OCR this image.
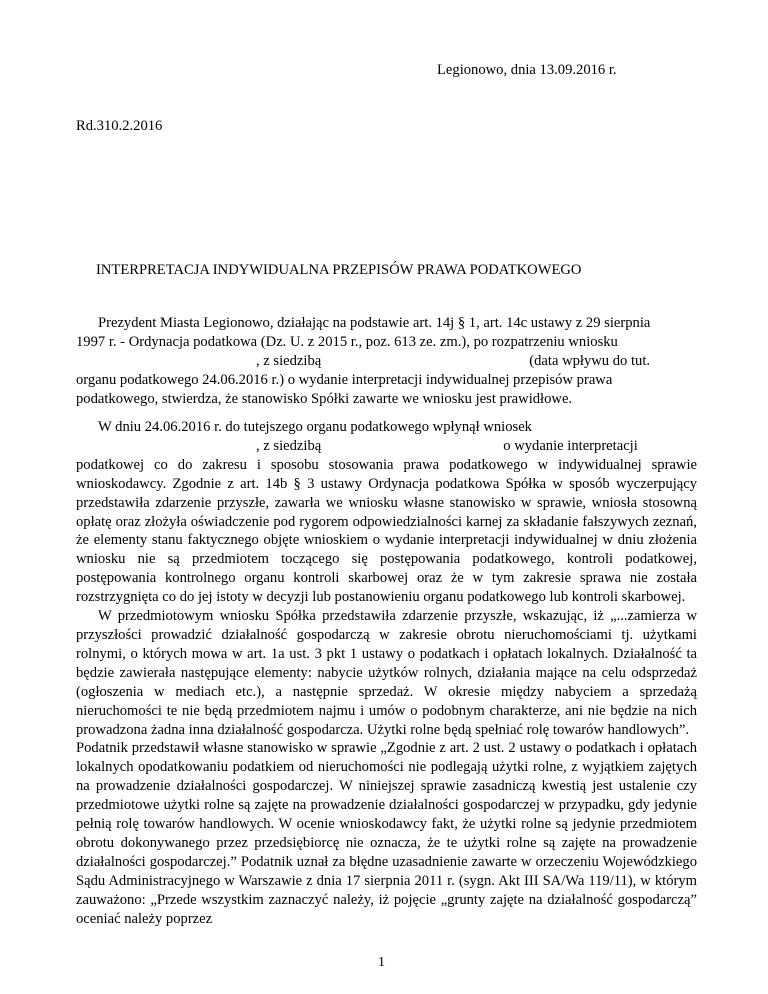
Legionowo, dnia 13.09.2016 r.
Rd.310.2.2016
INTERPRETACJA INDYWIDUALNA PRZEPISÓW PRAWA PODATKOWEGO

Prezydent Miasta Legionowo, działając na podstawie art. 14j § 1, art. 14c ustawy z 29 sierpnia

1997 r. - Ordynacja podatkowa (Dz. U. z 2015 r., poz. 613 ze. zm.), po rozpatrzeniu wniosku

, z siedzibą	(data wpływu do tut.

organu podatkowego 24.06.2016 r.) o wydanie interpretacji indywidualnej przepisów prawa

podatkowego, stwierdza, że stanowisko Spółki zawarte we wniosku jest prawidłowe.

W dniu 24.06.2016 r. do tutejszego organu podatkowego wpłynął wniosek

, z siedzibą	o wydanie interpretacji

podatkowej co do zakresu i sposobu stosowania prawa podatkowego w indywidualnej sprawie wnioskodawcy. Zgodnie z art. 14b § 3 ustawy Ordynacja podatkowa Spółka w sposób wyczerpujący przedstawiła zdarzenie przyszłe, zawarła we wniosku własne stanowisko w sprawie, wniosła stosowną opłatę oraz złożyła oświadczenie pod rygorem odpowiedzialności karnej za składanie fałszywych zeznań, że elementy stanu faktycznego objęte wnioskiem o wydanie interpretacji indywidualnej w dniu złożenia wniosku nie są przedmiotem toczącego się postępowania podatkowego, kontroli podatkowej, postępowania kontrolnego organu kontroli skarbowej oraz że w tym zakresie sprawa nie została rozstrzygnięta co do jej istoty w decyzji lub postanowieniu organu podatkowego lub kontroli skarbowej.

W przedmiotowym wniosku Spółka przedstawiła zdarzenie przyszłe, wskazując, iż „...zamierza w przyszłości prowadzić działalność gospodarczą w zakresie obrotu nieruchomościami tj. użytkami rolnymi, o których mowa w art. 1a ust. 3 pkt 1 ustawy o podatkach i opłatach lokalnych. Działalność ta będzie zawierała następujące elementy: nabycie użytków rolnych, działania mające na celu odsprzedaż (ogłoszenia w mediach etc.), a następnie sprzedaż. W okresie między nabyciem a sprzedażą nieruchomości te nie będą przedmiotem najmu i umów o podobnym charakterze, ani nie będzie na nich prowadzona żadna inna działalność gospodarcza. Użytki rolne będą spełniać rolę towarów handlowych”.

Podatnik przedstawił własne stanowisko w sprawie „Zgodnie z art. 2 ust. 2 ustawy o podatkach i opłatach lokalnych opodatkowaniu podatkiem od nieruchomości nie podlegają użytki rolne, z wyjątkiem zajętych na prowadzenie działalności gospodarczej. W niniejszej sprawie zasadniczą kwestią jest ustalenie czy przedmiotowe użytki rolne są zajęte na prowadzenie działalności gospodarczej w przypadku, gdy jedynie pełnią rolę towarów handlowych. W ocenie wnioskodawcy fakt, że użytki rolne są jedynie przedmiotem obrotu dokonywanego przez przedsiębiorcę nie oznacza, że te użytki rolne są zajęte na prowadzenie działalności gospodarczej.” Podatnik uznał za błędne uzasadnienie zawarte w orzeczeniu Wojewódzkiego Sądu Administracyjnego w Warszawie z dnia 17 sierpnia 2011 r. (sygn. Akt III SA/Wa 119/11), w którym zauważono: „Przede wszystkim zaznaczyć należy, iż pojęcie „grunty zajęte na działalność gospodarczą” oceniać należy poprzez

1
